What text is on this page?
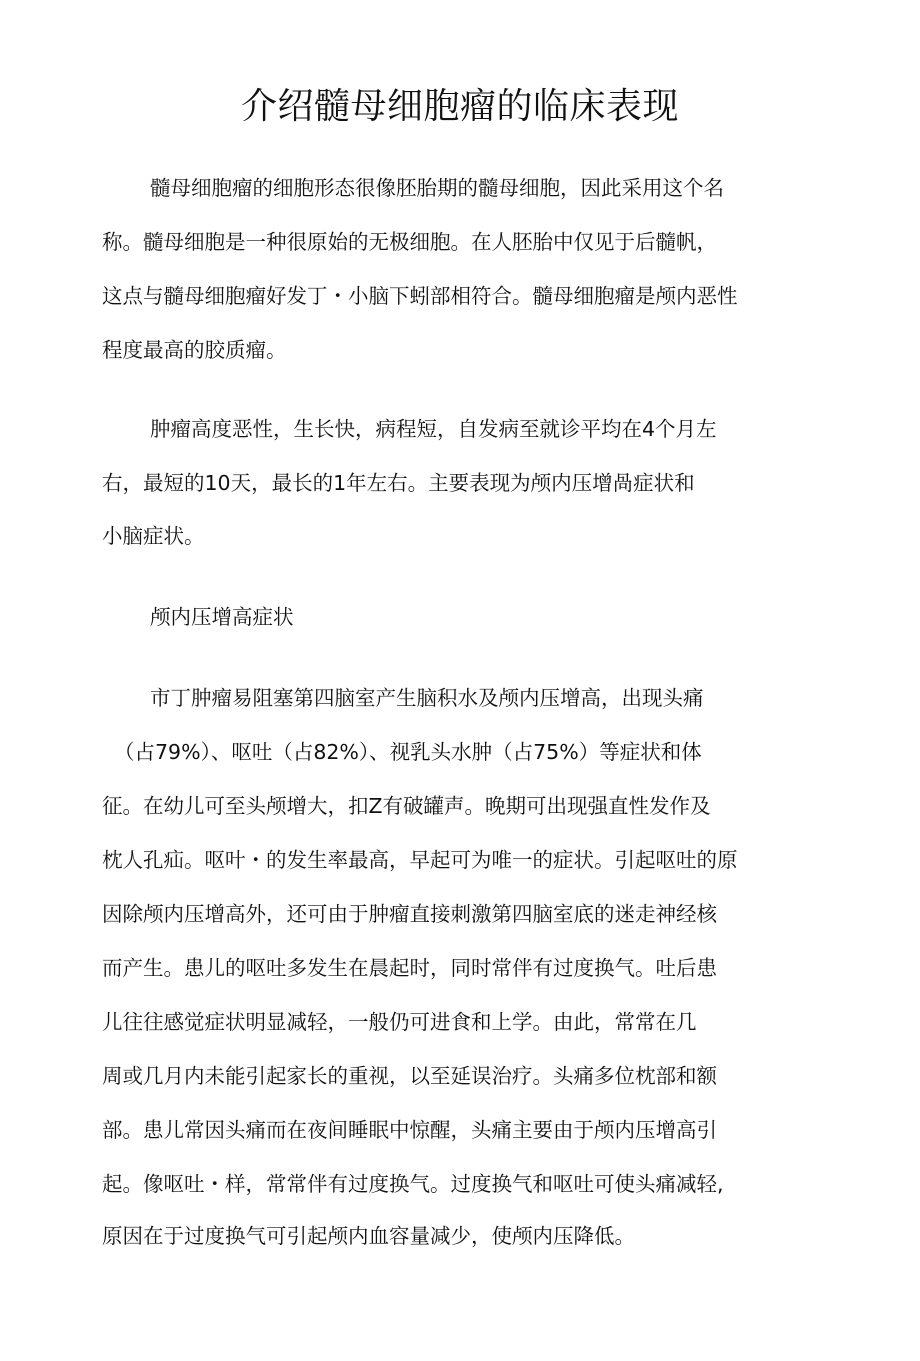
介绍髓母细胞瘤的临床表现

髓母细胞瘤的细胞形态很像胚胎期的髓母细胞，因此采用这个名

称。髓母细胞是一种很原始的无极细胞。在人胚胎中仅见于后髓帆，

这点与髓母细胞瘤好发丁・小脑下蚓部相符合。髓母细胞瘤是颅内恶性

程度最高的胶质瘤。

肿瘤高度恶性，生长快，病程短，自发病至就诊平均在4个月左

右，最短的10天，最长的1年左右。主要表现为颅内压增咼症状和

小脑症状。

颅内压增高症状

市丁肿瘤易阻塞第四脑室产生脑积水及颅内压增高，出现头痛

（占79%）、呕吐（占82%）、视乳头水肿（占75%）等症状和体

征。在幼儿可至头颅增大，扣Z有破罐声。晚期可出现强直性发作及

枕人孔疝。呕叶・的发生率最高，早起可为唯一的症状。引起呕吐的原

因除颅内压增高外，还可由于肿瘤直接刺激第四脑室底的迷走神经核

而产生。患儿的呕吐多发生在晨起时，同时常伴有过度换气。吐后患

儿往往感觉症状明显减轻，一般仍可进食和上学。由此，常常在几

周或几月内未能引起家长的重视，以至延误治疗。头痛多位枕部和额

部。患儿常因头痛而在夜间睡眠中惊醒，头痛主要由于颅内压增高引

起。像呕吐・样，常常伴有过度换气。过度换气和呕吐可使头痛减轻,

原因在于过度换气可引起颅内血容量减少，使颅内压降低。
